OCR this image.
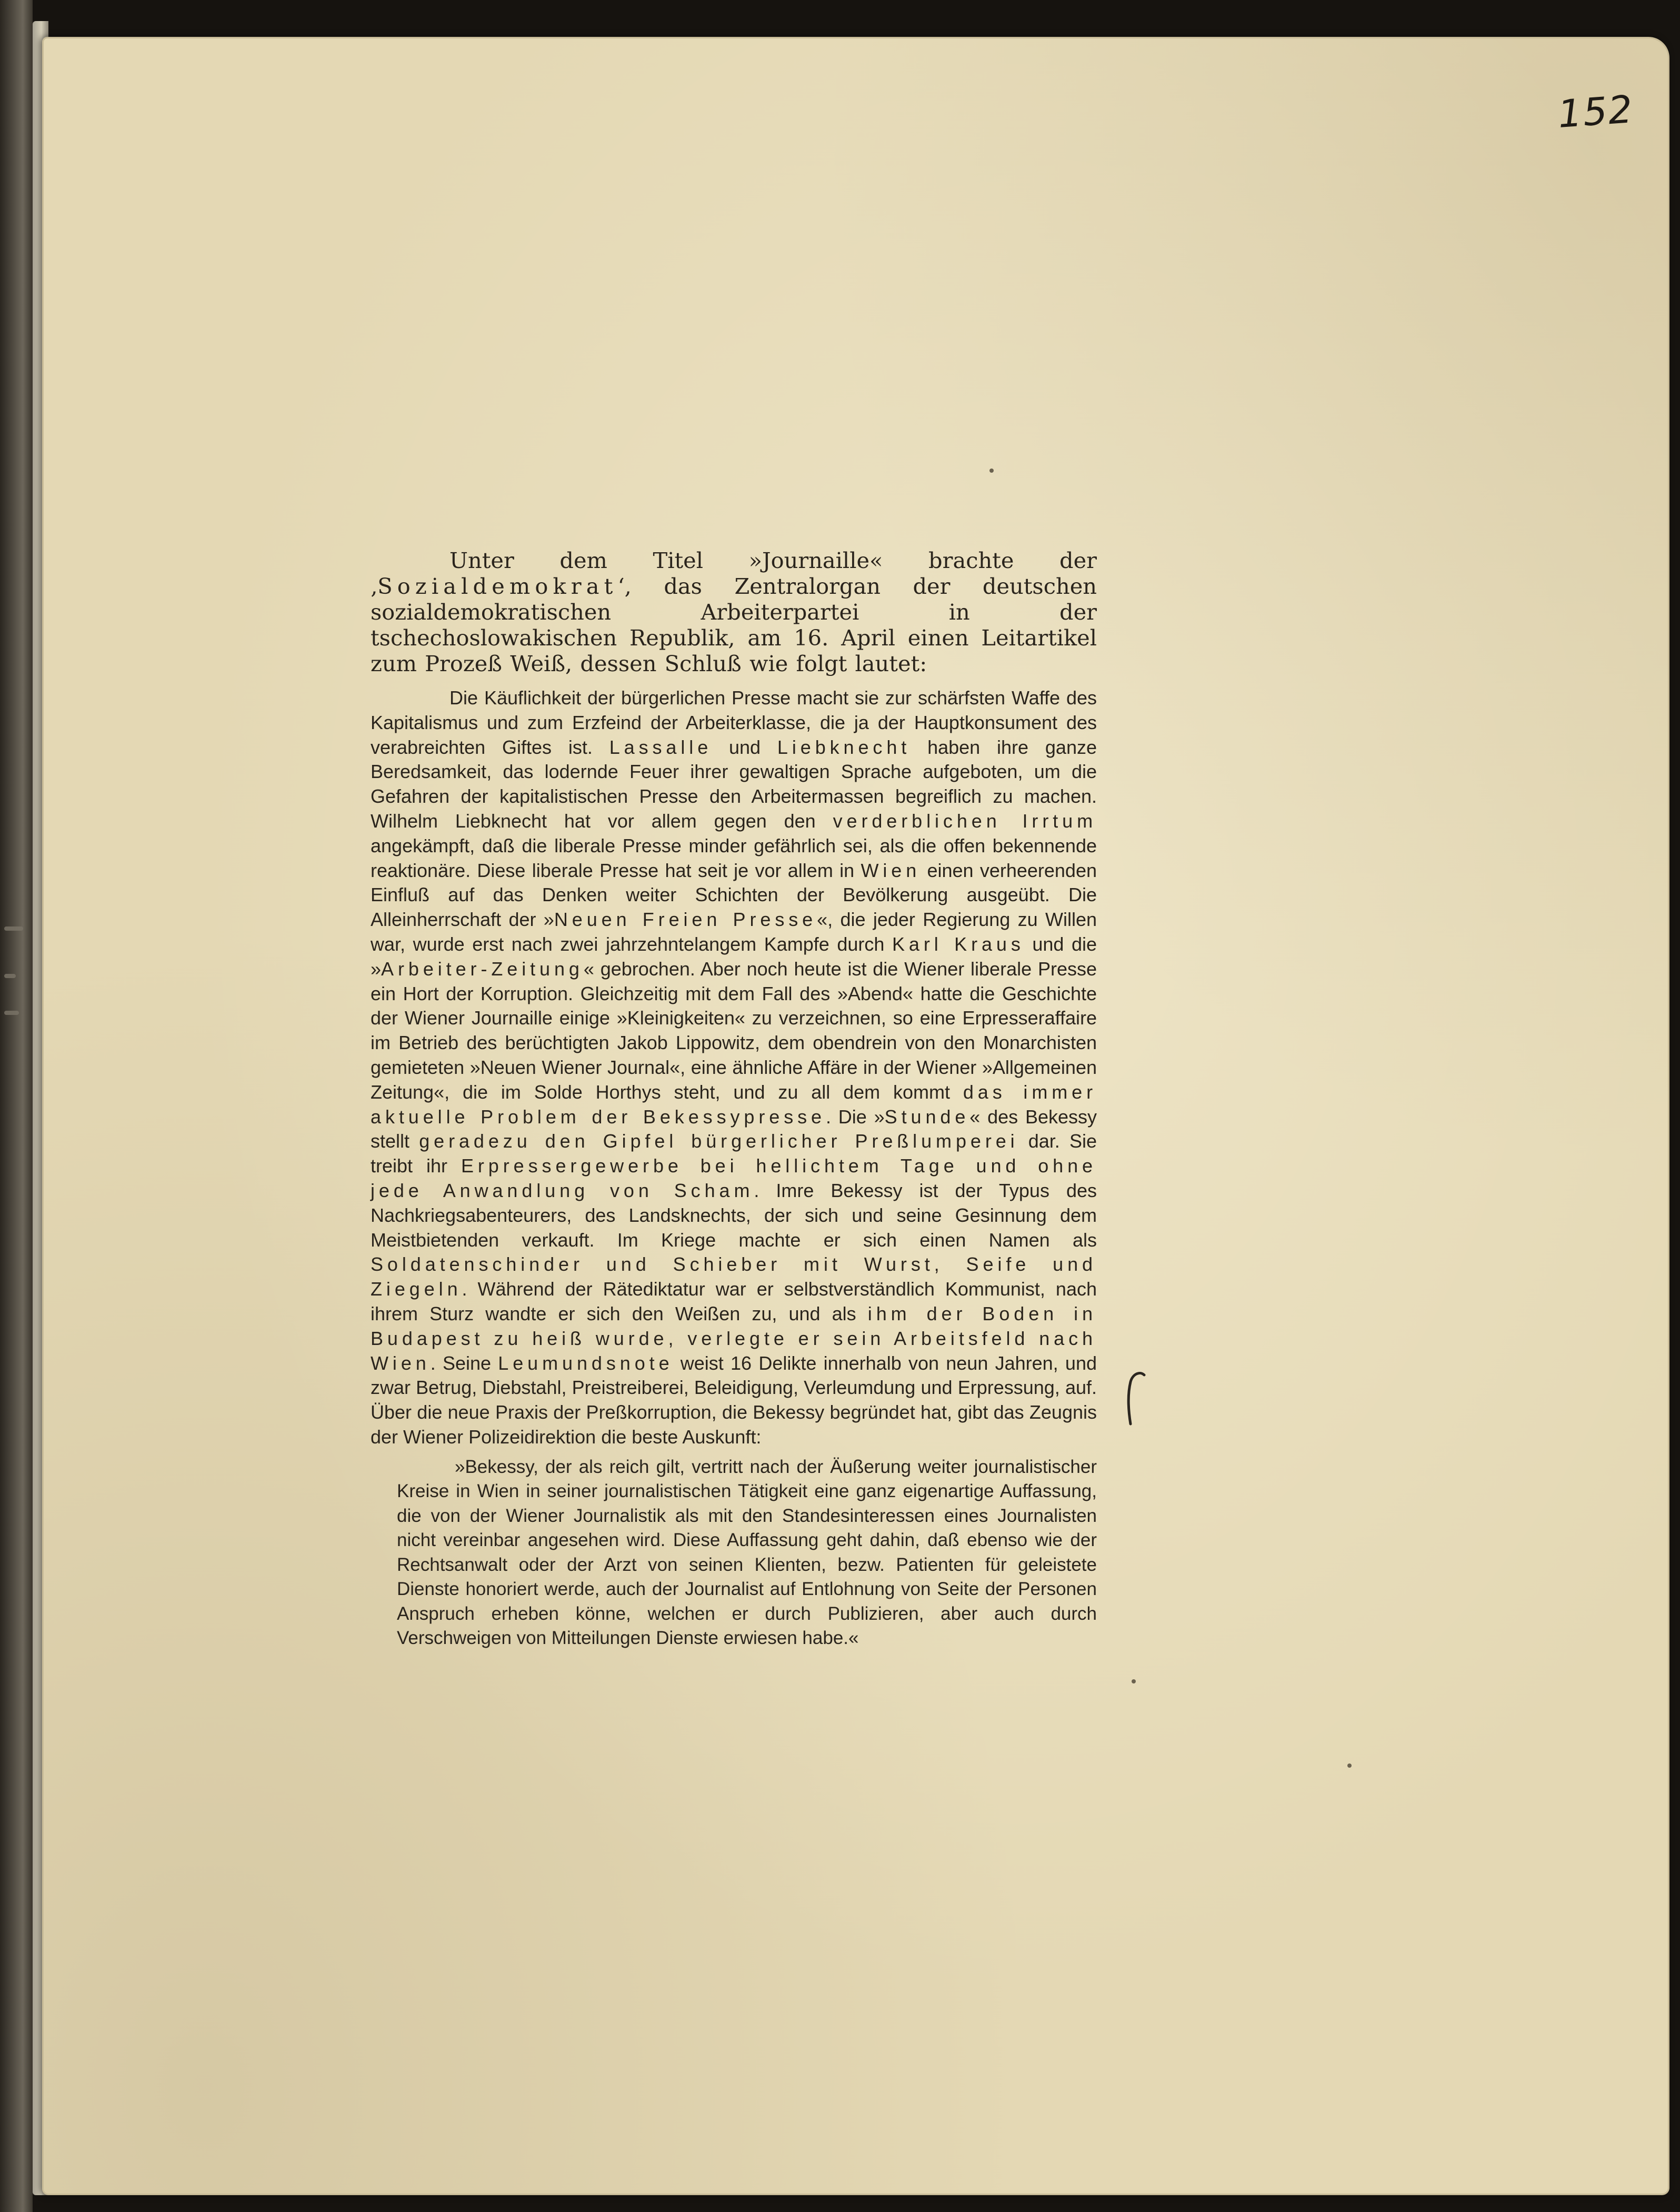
152

Unter dem Titel »Journaille« brachte der ‚Sozialdemokrat‘, das Zentralorgan der deutschen sozialdemokratischen Arbeiterpartei in der tschechoslowakischen Republik, am 16. April einen Leitartikel zum Prozeß Weiß, dessen Schluß wie folgt lautet:

Die Käuflichkeit der bürgerlichen Presse macht sie zur schärfsten Waffe des Kapitalismus und zum Erzfeind der Arbeiterklasse, die ja der Hauptkonsument des verabreichten Giftes ist. Lassalle und Liebknecht haben ihre ganze Beredsamkeit, das lodernde Feuer ihrer gewaltigen Sprache aufgeboten, um die Gefahren der kapitalistischen Presse den Arbeitermassen begreiflich zu machen. Wilhelm Liebknecht hat vor allem gegen den verderblichen Irrtum angekämpft, daß die liberale Presse minder gefährlich sei, als die offen bekennende reaktionäre. Diese liberale Presse hat seit je vor allem in Wien einen verheerenden Einfluß auf das Denken weiter Schichten der Bevölkerung ausgeübt. Die Alleinherrschaft der »Neuen Freien Presse«, die jeder Regierung zu Willen war, wurde erst nach zwei jahrzehntelangem Kampfe durch Karl Kraus und die »Arbeiter-Zeitung« gebrochen. Aber noch heute ist die Wiener liberale Presse ein Hort der Korruption. Gleichzeitig mit dem Fall des »Abend« hatte die Geschichte der Wiener Journaille einige »Kleinigkeiten« zu verzeichnen, so eine Erpresseraffaire im Betrieb des berüchtigten Jakob Lippowitz, dem obendrein von den Monarchisten gemieteten »Neuen Wiener Journal«, eine ähnliche Affäre in der Wiener »Allgemeinen Zeitung«, die im Solde Horthys steht, und zu all dem kommt das immer aktuelle Problem der Bekessypresse. Die »Stunde« des Bekessy stellt geradezu den Gipfel bürgerlicher Preßlumperei dar. Sie treibt ihr Erpressergewerbe bei hellichtem Tage und ohne jede Anwandlung von Scham. Imre Bekessy ist der Typus des Nachkriegsabenteurers, des Landsknechts, der sich und seine Gesinnung dem Meistbietenden verkauft. Im Kriege machte er sich einen Namen als Soldatenschinder und Schieber mit Wurst, Seife und Ziegeln. Während der Rätediktatur war er selbstverständlich Kommunist, nach ihrem Sturz wandte er sich den Weißen zu, und als ihm der Boden in Budapest zu heiß wurde, verlegte er sein Arbeitsfeld nach Wien. Seine Leumundsnote weist 16 Delikte innerhalb von neun Jahren, und zwar Betrug, Diebstahl, Preistreiberei, Beleidigung, Verleumdung und Erpressung, auf. Über die neue Praxis der Preßkorruption, die Bekessy begründet hat, gibt das Zeugnis der Wiener Polizeidirektion die beste Auskunft:

»Bekessy, der als reich gilt, vertritt nach der Äußerung weiter journalistischer Kreise in Wien in seiner journalistischen Tätigkeit eine ganz eigenartige Auffassung, die von der Wiener Journalistik als mit den Standesinteressen eines Journalisten nicht vereinbar angesehen wird. Diese Auffassung geht dahin, daß ebenso wie der Rechtsanwalt oder der Arzt von seinen Klienten, bezw. Patienten für geleistete Dienste honoriert werde, auch der Journalist auf Entlohnung von Seite der Personen Anspruch erheben könne, welchen er durch Publizieren, aber auch durch Verschweigen von Mitteilungen Dienste erwiesen habe.«
